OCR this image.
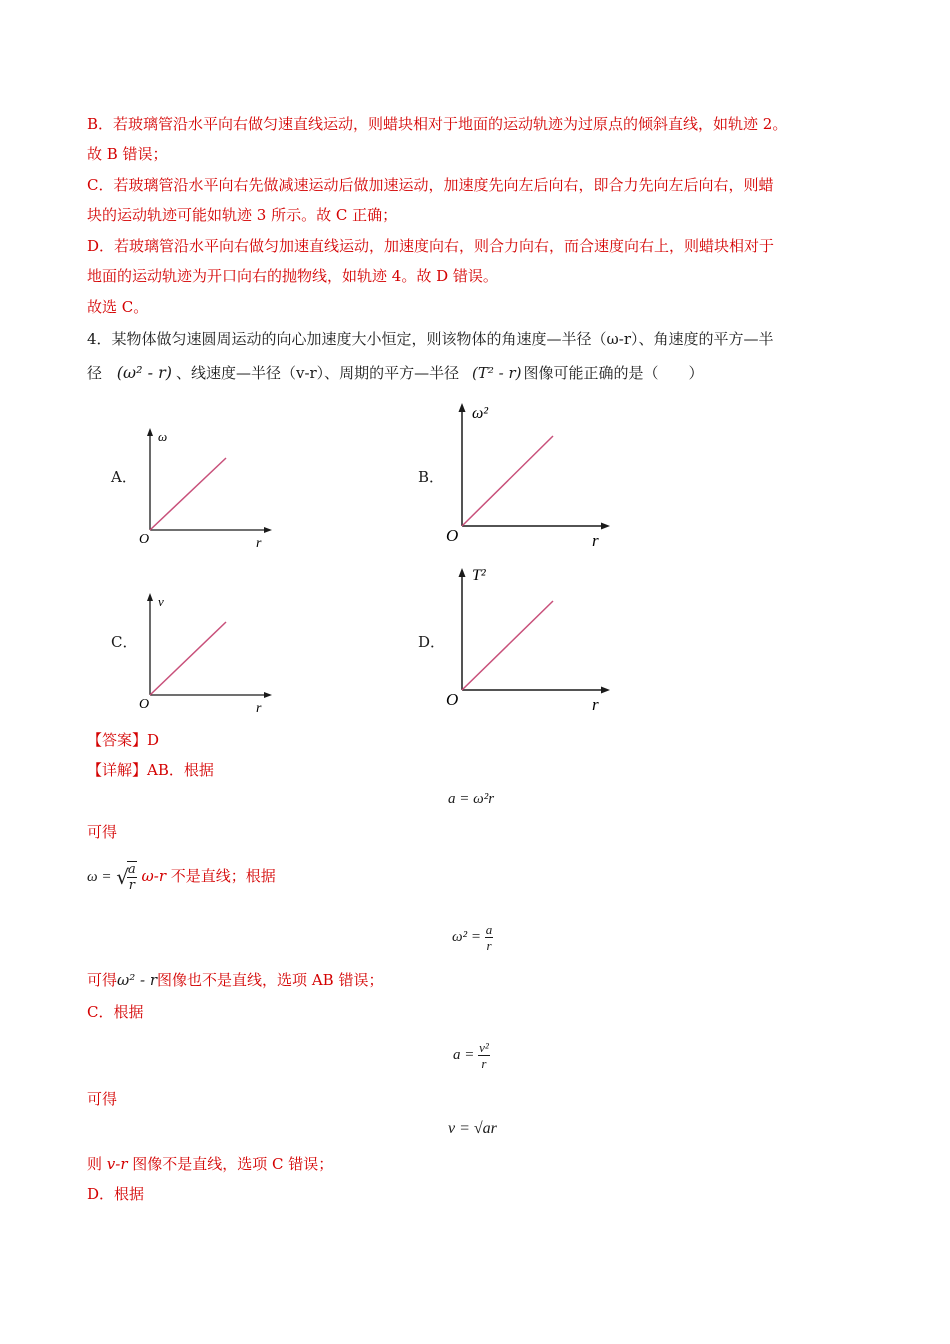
B．若玻璃管沿水平向右做匀速直线运动，则蜡块相对于地面的运动轨迹为过原点的倾斜直线，如轨迹 2。
故 B 错误；
C．若玻璃管沿水平向右先做减速运动后做加速运动，加速度先向左后向右，即合力先向左后向右，则蜡
块的运动轨迹可能如轨迹 3 所示。故 C 正确；
D．若玻璃管沿水平向右做匀加速直线运动，加速度向右，则合力向右，而合速度向右上，则蜡块相对于
地面的运动轨迹为开口向右的抛物线，如轨迹 4。故 D 错误。
故选 C。
4．某物体做匀速圆周运动的向心加速度大小恒定，则该物体的角速度—半径（ω-r）、角速度的平方—半
径 (ω² - r) 、线速度—半径（v-r）、周期的平方—半径 (T² - r) 图像可能正确的是（　　）
A．	B．
C．	D．
ω
O	r
ω²
O	r
v
O	r
T²
O	r
【答案】D
【详解】AB．根据
a = ω²r
可得
ω = √
$\frac{a}{r} \omega-r$ 不是直线；根据
$\omega^2 = \frac{a}{r}$
可得ω² - r图像也不是直线，选项 AB 错误；
C．根据
$a = \frac{\text{v²}}{r}$
可得
v = √ar
则 v-r 图像不是直线，选项 C 错误；
D．根据
